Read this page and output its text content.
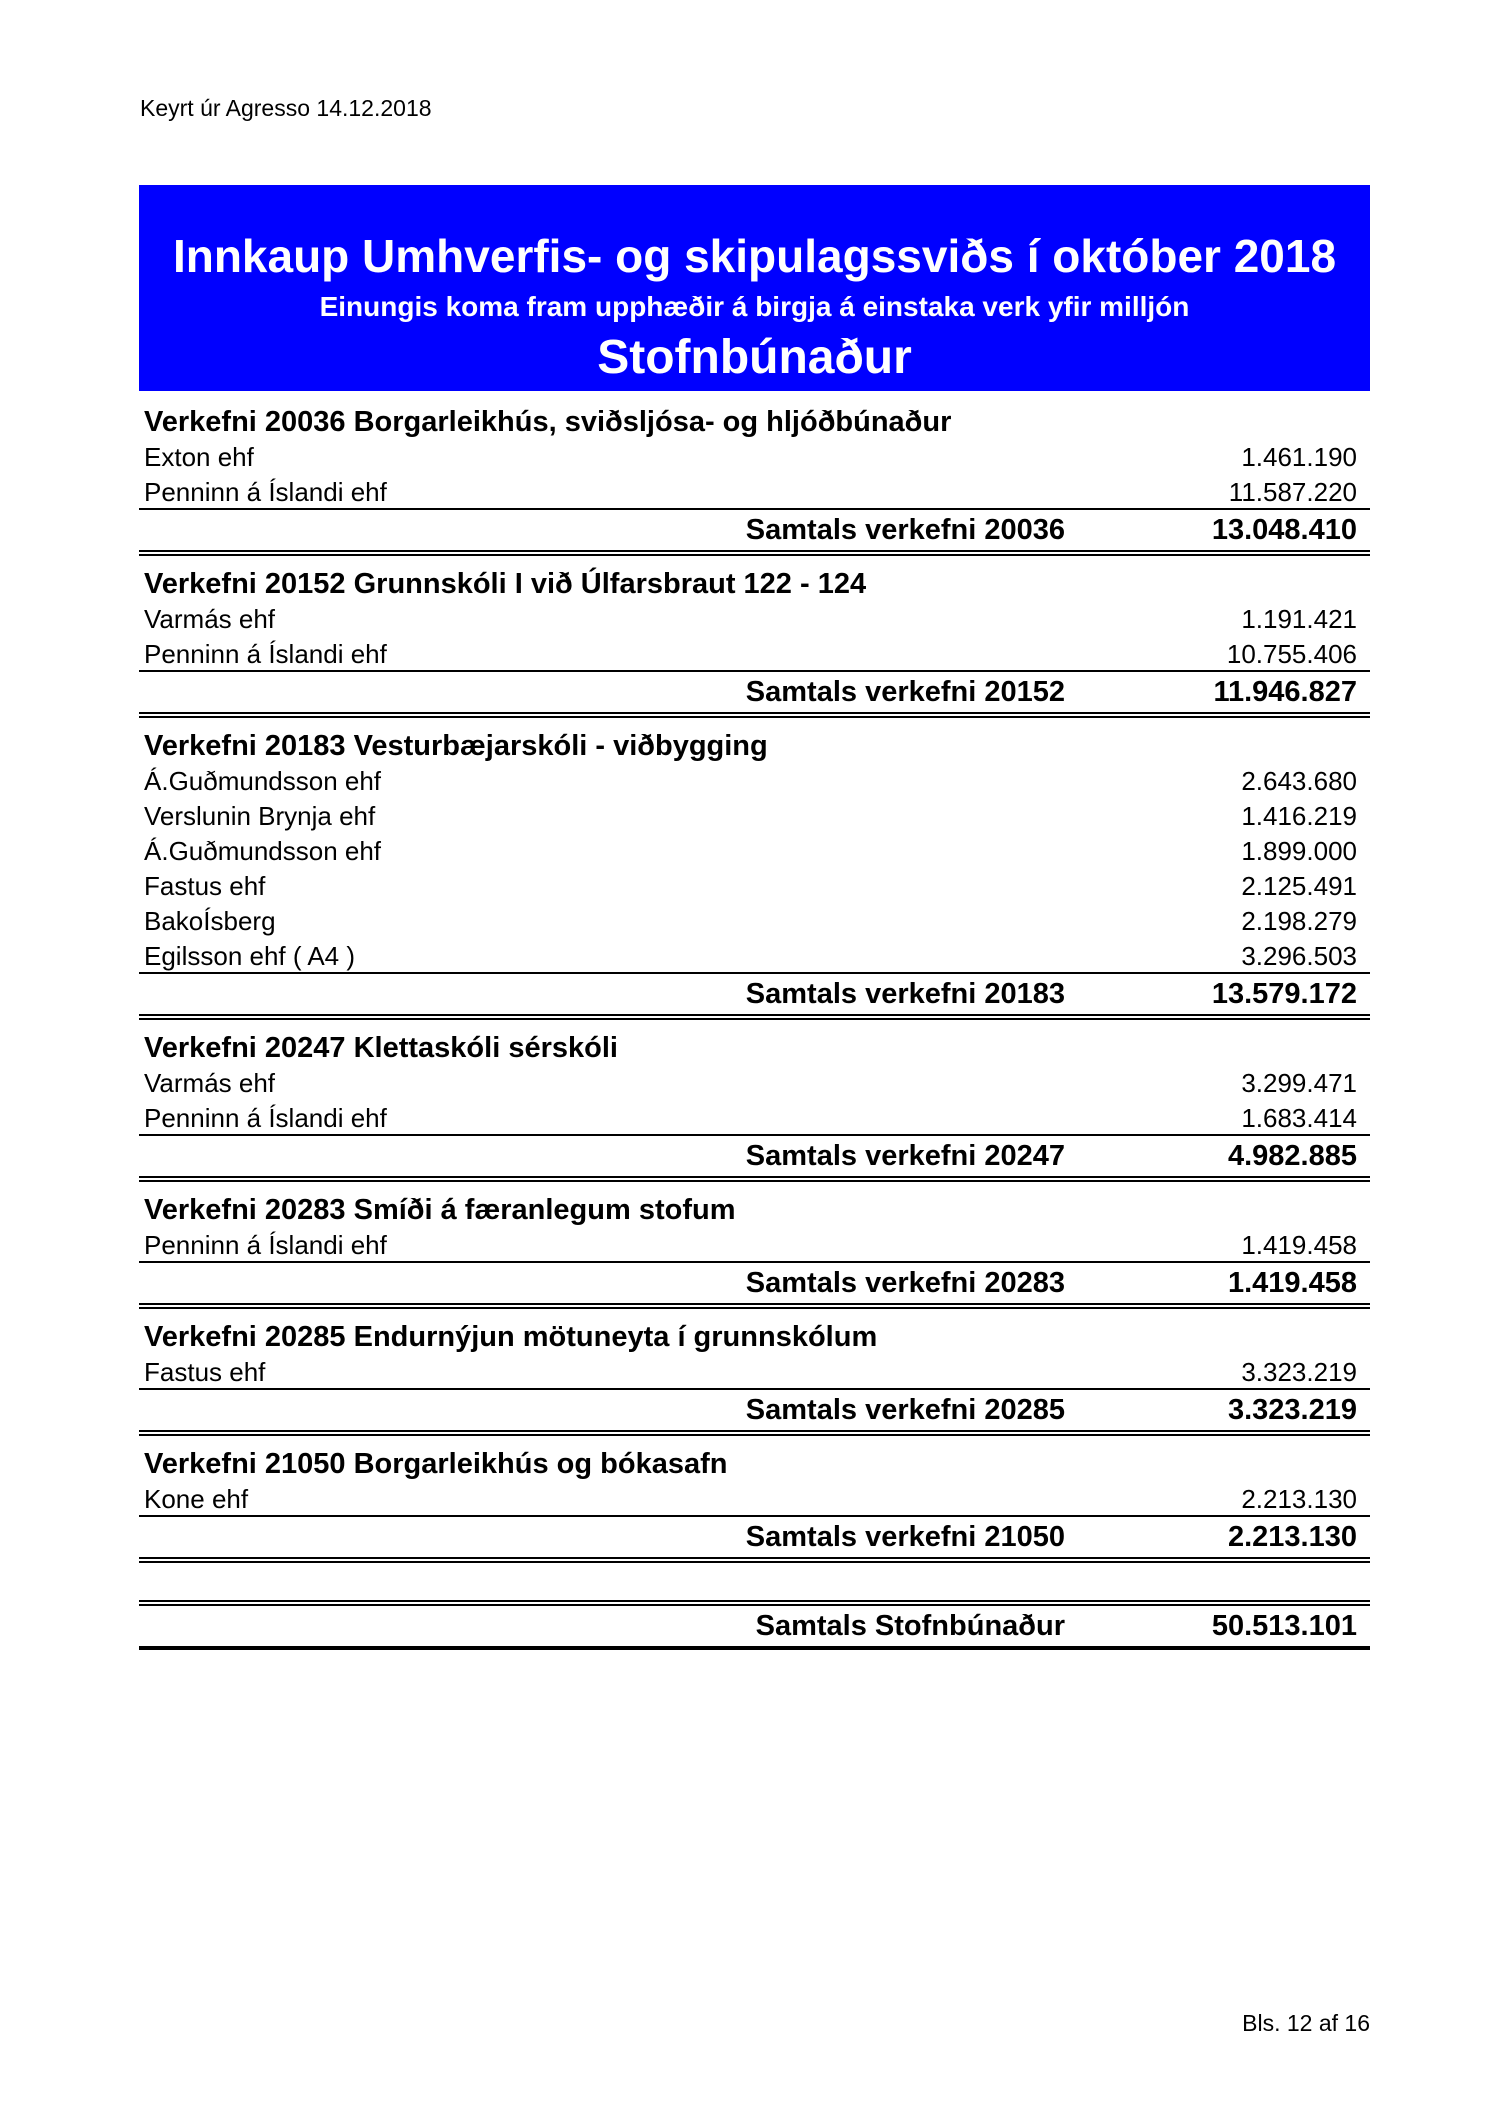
Keyrt úr Agresso 14.12.2018
Innkaup Umhverfis- og skipulagssviðs í október 2018
Einungis koma fram upphæðir á birgja á einstaka verk yfir milljón
Stofnbúnaður
Verkefni 20036 Borgarleikhús, sviðsljósa- og hljóðbúnaður
Exton ehf	1.461.190
Penninn á Íslandi ehf	11.587.220
Samtals verkefni 20036	13.048.410
Verkefni 20152 Grunnskóli I við Úlfarsbraut 122 - 124
Varmás ehf	1.191.421
Penninn á Íslandi ehf	10.755.406
Samtals verkefni 20152	11.946.827
Verkefni 20183 Vesturbæjarskóli - viðbygging
Á.Guðmundsson ehf	2.643.680
Verslunin Brynja ehf	1.416.219
Á.Guðmundsson ehf	1.899.000
Fastus ehf	2.125.491
BakoÍsberg	2.198.279
Egilsson ehf ( A4 )	3.296.503
Samtals verkefni 20183	13.579.172
Verkefni 20247 Klettaskóli sérskóli
Varmás ehf	3.299.471
Penninn á Íslandi ehf	1.683.414
Samtals verkefni 20247	4.982.885
Verkefni 20283 Smíði á færanlegum stofum
Penninn á Íslandi ehf	1.419.458
Samtals verkefni 20283	1.419.458
Verkefni 20285 Endurnýjun mötuneyta í grunnskólum
Fastus ehf	3.323.219
Samtals verkefni 20285	3.323.219
Verkefni 21050 Borgarleikhús og bókasafn
Kone ehf	2.213.130
Samtals verkefni 21050	2.213.130
Samtals Stofnbúnaður	50.513.101
Bls. 12 af 16
